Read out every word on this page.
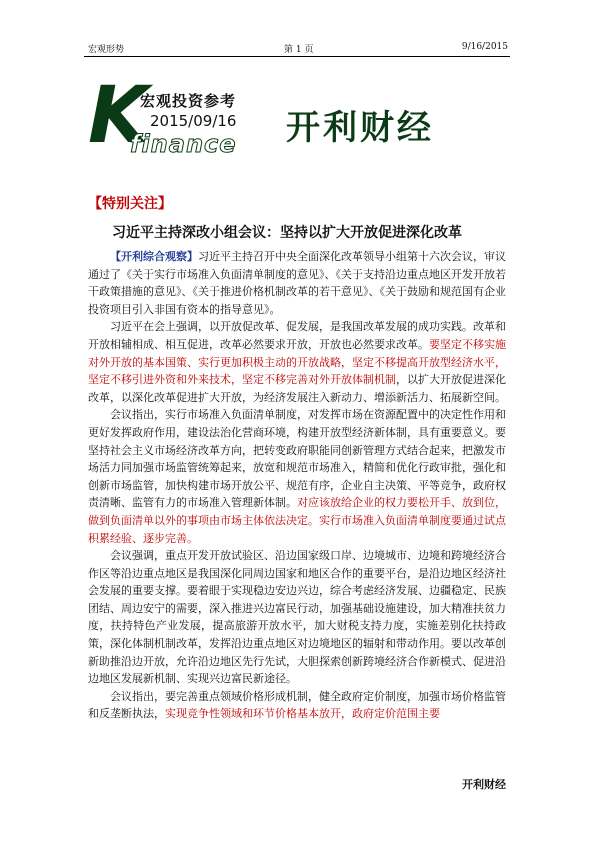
宏观形势	第 1 页	9/16/2015
K
宏观投资参考
2015/09/16
finance 开利财经
【特别关注】
习近平主持深改小组会议：坚持以扩大开放促进深化改革

【开利综合观察】习近平主持召开中央全面深化改革领导小组第十六次会议，审议通过了《关于实行市场准入负面清单制度的意见》、《关于支持沿边重点地区开发开放若干政策措施的意见》、《关于推进价格机制改革的若干意见》、《关于鼓励和规范国有企业投资项目引入非国有资本的指导意见》。

习近平在会上强调，以开放促改革、促发展，是我国改革发展的成功实践。改革和开放相辅相成、相互促进，改革必然要求开放，开放也必然要求改革。要坚定不移实施对外开放的基本国策、实行更加积极主动的开放战略，坚定不移提高开放型经济水平，坚定不移引进外资和外来技术，坚定不移完善对外开放体制机制，以扩大开放促进深化改革，以深化改革促进扩大开放，为经济发展注入新动力、增添新活力、拓展新空间。

会议指出，实行市场准入负面清单制度，对发挥市场在资源配置中的决定性作用和更好发挥政府作用，建设法治化营商环境，构建开放型经济新体制，具有重要意义。要坚持社会主义市场经济改革方向，把转变政府职能同创新管理方式结合起来，把激发市场活力同加强市场监管统筹起来，放宽和规范市场准入，精简和优化行政审批，强化和创新市场监管，加快构建市场开放公平、规范有序，企业自主决策、平等竞争，政府权责清晰、监管有力的市场准入管理新体制。对应该放给企业的权力要松开手、放到位，做到负面清单以外的事项由市场主体依法决定。实行市场准入负面清单制度要通过试点积累经验、逐步完善。

会议强调，重点开发开放试验区、沿边国家级口岸、边境城市、边境和跨境经济合作区等沿边重点地区是我国深化同周边国家和地区合作的重要平台，是沿边地区经济社会发展的重要支撑。要着眼于实现稳边安边兴边，综合考虑经济发展、边疆稳定、民族团结、周边安宁的需要，深入推进兴边富民行动，加强基础设施建设，加大精准扶贫力度，扶持特色产业发展，提高旅游开放水平，加大财税支持力度，实施差别化扶持政策，深化体制机制改革，发挥沿边重点地区对边境地区的辐射和带动作用。要以改革创新助推沿边开放，允许沿边地区先行先试，大胆探索创新跨境经济合作新模式、促进沿边地区发展新机制、实现兴边富民新途径。

会议指出，要完善重点领域价格形成机制，健全政府定价制度，加强市场价格监管和反垄断执法，实现竞争性领域和环节价格基本放开，政府定价范围主要

开利财经
